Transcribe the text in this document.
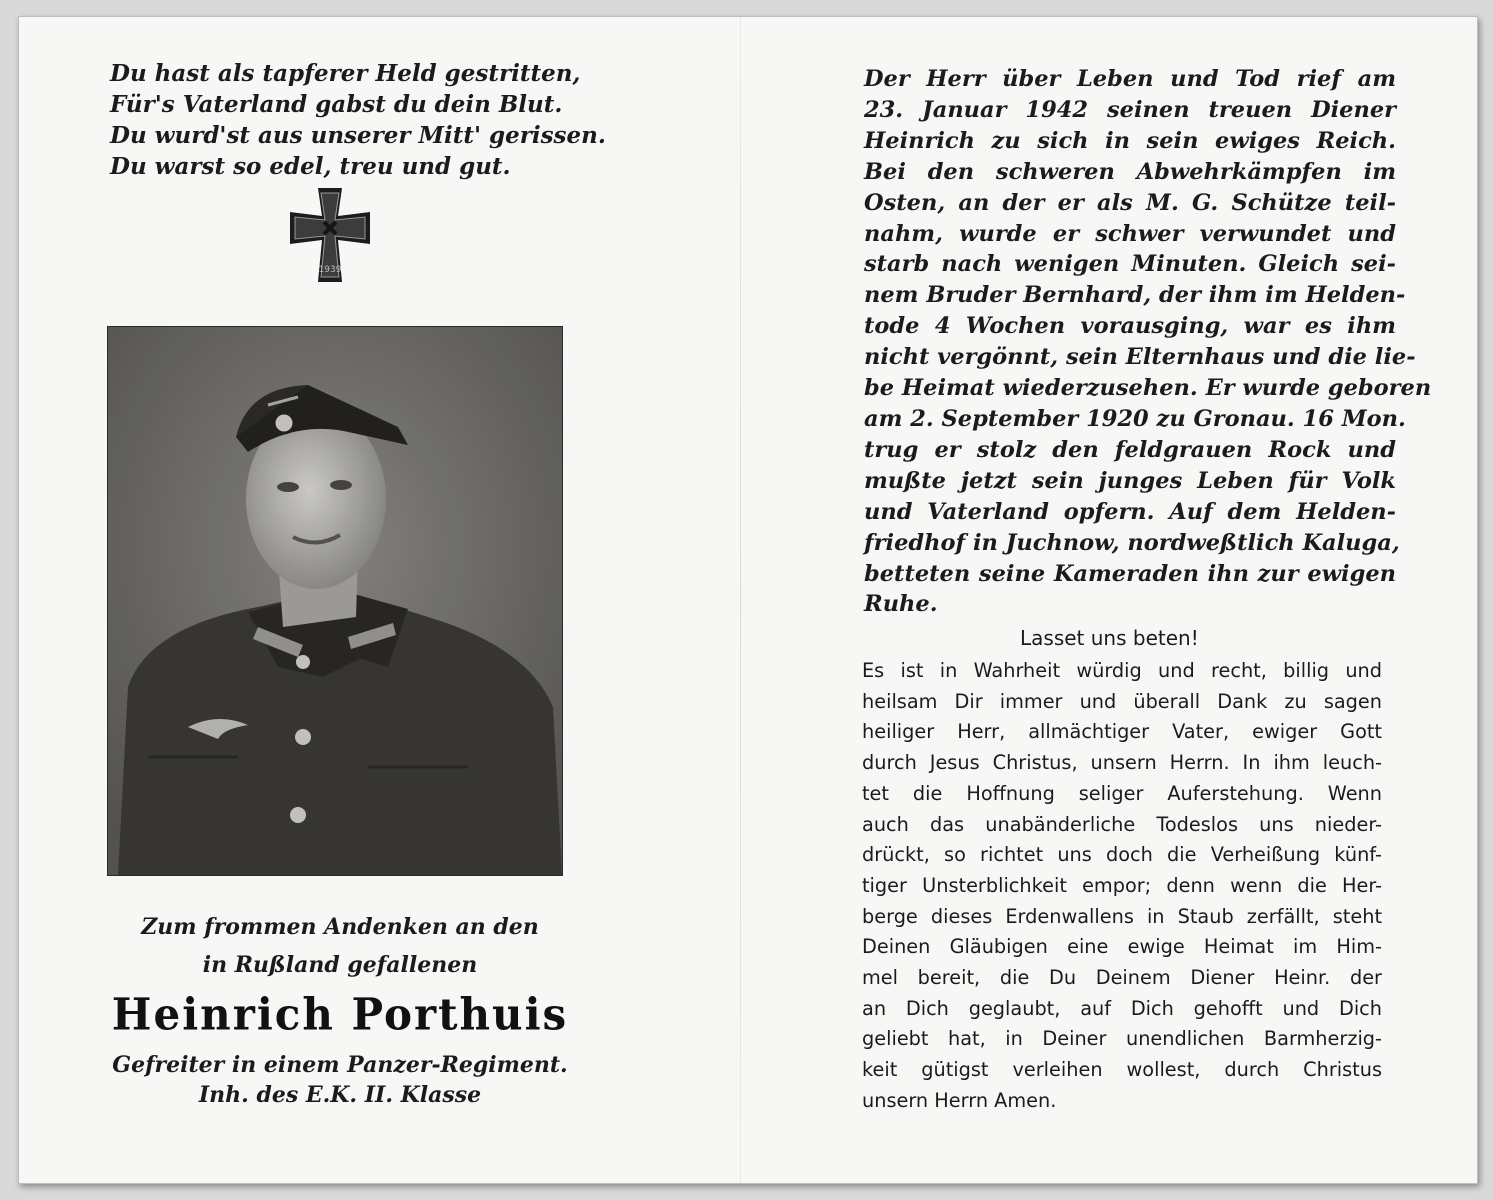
Du hast als tapferer Held gestritten,
Für's Vaterland gabst du dein Blut.
Du wurd'st aus unserer Mitt' gerissen.
Du warst so edel, treu und gut.
1939
Zum frommen Andenken an den
in Rußland gefallenen
Heinrich Porthuis
Gefreiter in einem Panzer-Regiment.
Inh. des E.K. II. Klasse
Der Herr über Leben und Tod rief am
23. Januar 1942 seinen treuen Diener
Heinrich zu sich in sein ewiges Reich.
Bei den schweren Abwehrkämpfen im
Osten, an der er als M. G. Schütze teil-
nahm, wurde er schwer verwundet und
starb nach wenigen Minuten. Gleich sei-
nem Bruder Bernhard, der ihm im Helden-
tode 4 Wochen vorausging, war es ihm
nicht vergönnt, sein Elternhaus und die lie-
be Heimat wiederzusehen. Er wurde geboren
am 2. September 1920 zu Gronau. 16 Mon.
trug er stolz den feldgrauen Rock und
mußte jetzt sein junges Leben für Volk
und Vaterland opfern. Auf dem Helden-
friedhof in Juchnow, nordweßtlich Kaluga,
betteten seine Kameraden ihn zur ewigen
Ruhe.
Lasset uns beten!
Es ist in Wahrheit würdig und recht, billig und
heilsam Dir immer und überall Dank zu sagen
heiliger Herr, allmächtiger Vater, ewiger Gott
durch Jesus Christus, unsern Herrn. In ihm leuch-
tet die Hoffnung seliger Auferstehung. Wenn
auch das unabänderliche Todeslos uns nieder-
drückt, so richtet uns doch die Verheißung künf-
tiger Unsterblichkeit empor; denn wenn die Her-
berge dieses Erdenwallens in Staub zerfällt, steht
Deinen Gläubigen eine ewige Heimat im Him-
mel bereit, die Du Deinem Diener Heinr. der
an Dich geglaubt, auf Dich gehofft und Dich
geliebt hat, in Deiner unendlichen Barmherzig-
keit gütigst verleihen wollest, durch Christus
unsern Herrn Amen.
